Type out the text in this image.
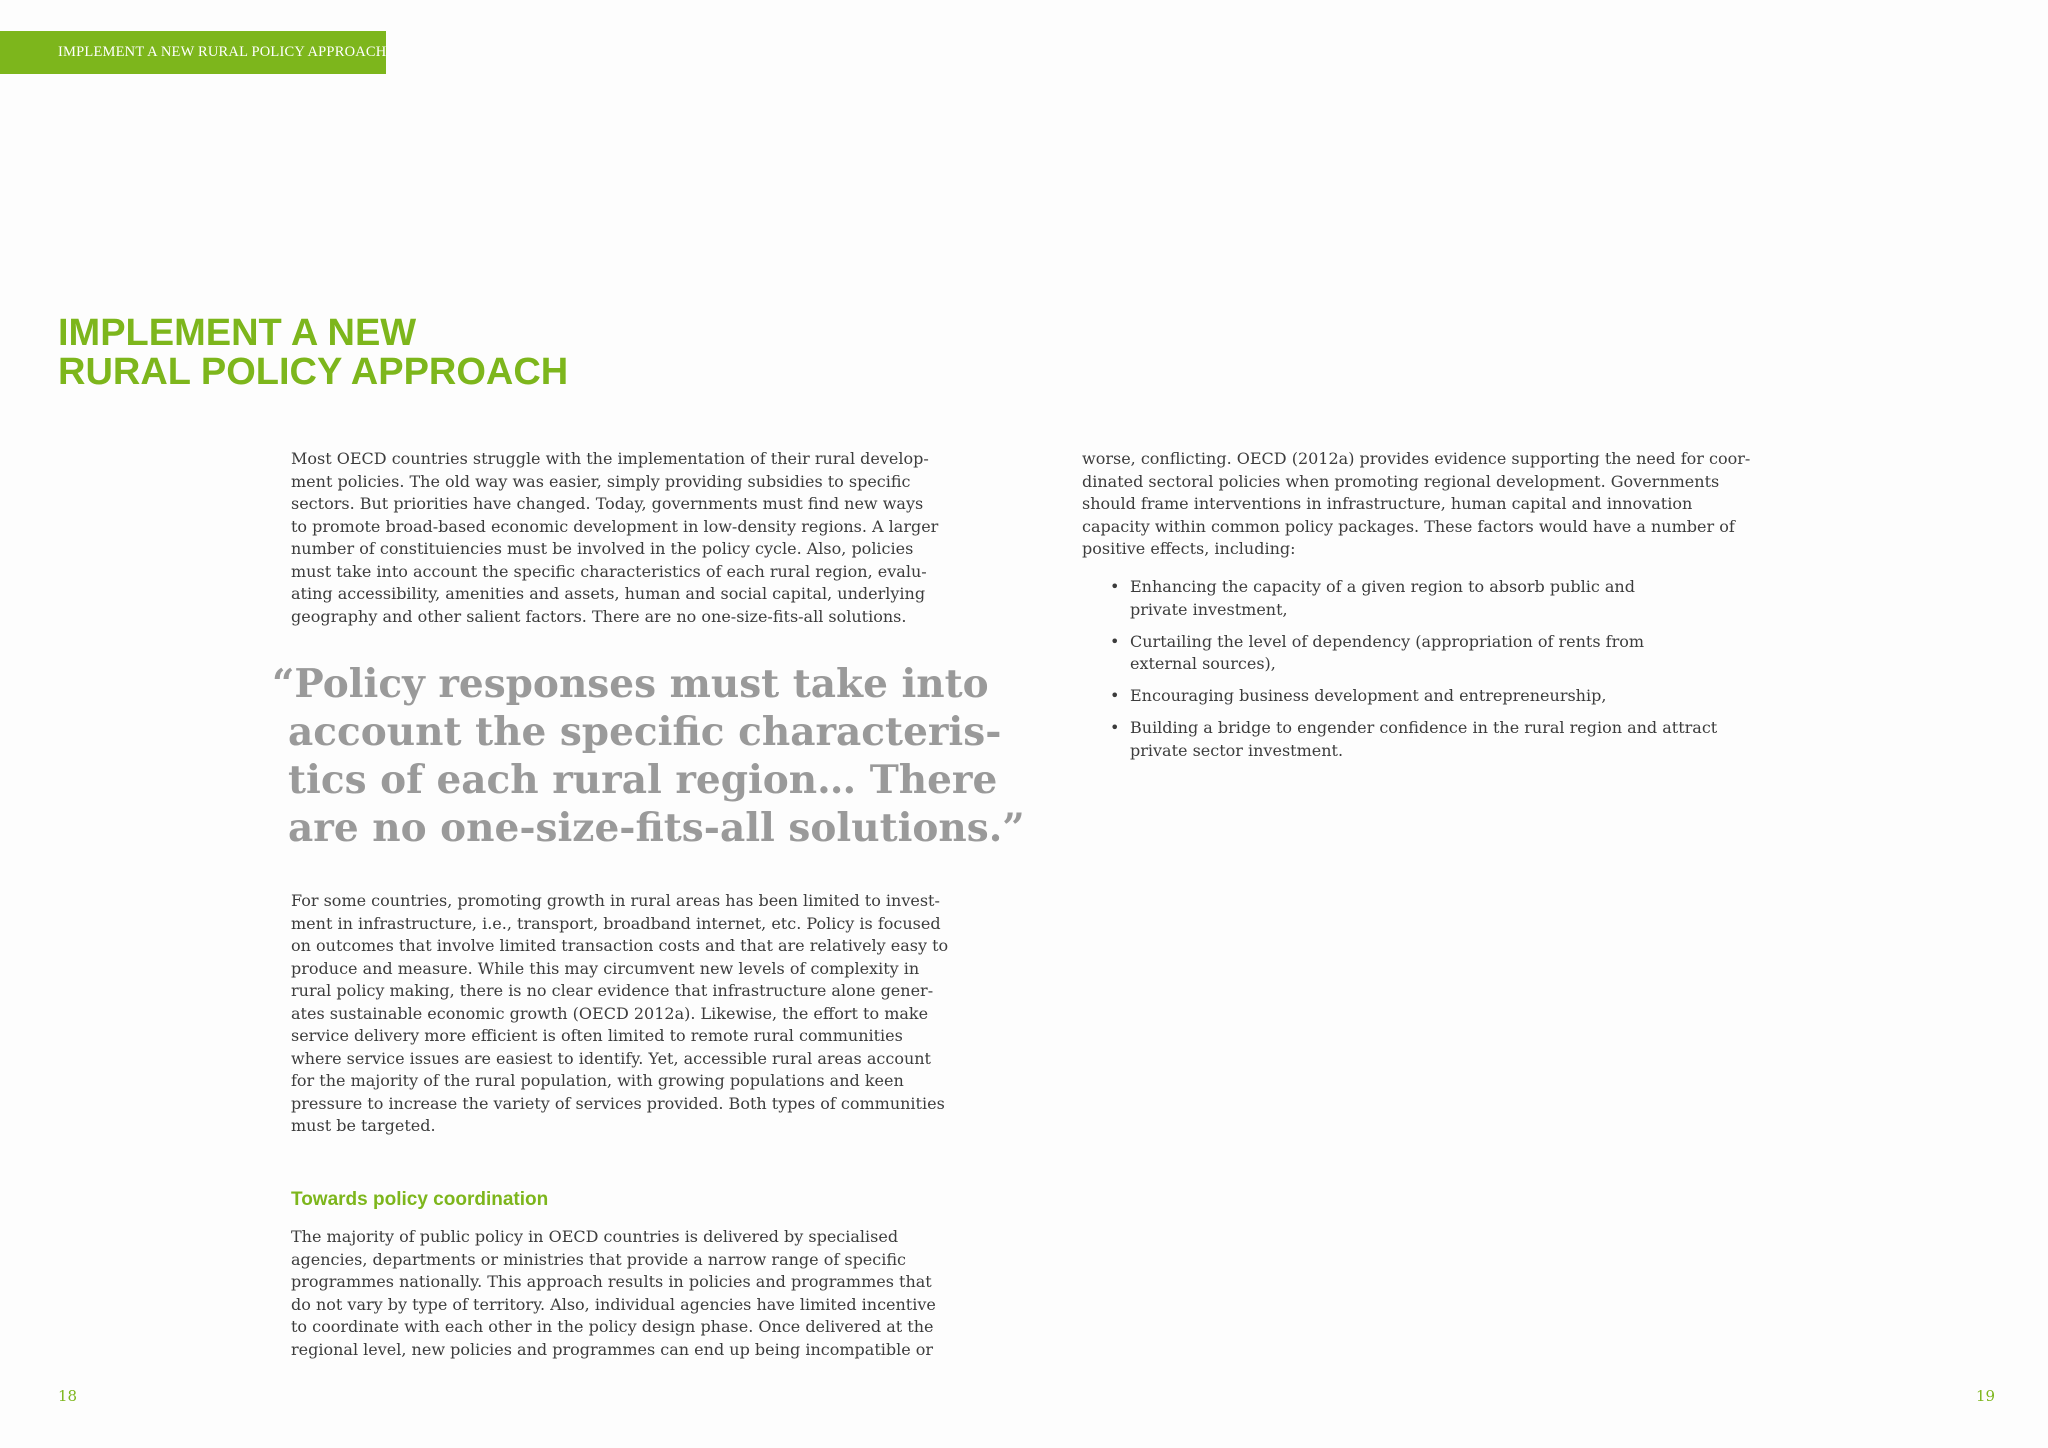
IMPLEMENT A NEW RURAL POLICY APPROACH
IMPLEMENT A NEW
RURAL POLICY APPROACH

Most OECD countries struggle with the implementation of their rural develop-
ment policies. The old way was easier, simply providing subsidies to specific
sectors. But priorities have changed. Today, governments must find new ways
to promote broad-based economic development in low-density regions. A larger
number of constituiencies must be involved in the policy cycle. Also, policies
must take into account the specific characteristics of each rural region, evalu-
ating accessibility, amenities and assets, human and social capital, underlying
geography and other salient factors. There are no one-size-fits-all solutions.

“Policy responses must take into
account the specific characteris-
tics of each rural region… There
are no one-size-fits-all solutions.”

For some countries, promoting growth in rural areas has been limited to invest-
ment in infrastructure, i.e., transport, broadband internet, etc. Policy is focused
on outcomes that involve limited transaction costs and that are relatively easy to
produce and measure. While this may circumvent new levels of complexity in
rural policy making, there is no clear evidence that infrastructure alone gener-
ates sustainable economic growth (OECD 2012a). Likewise, the effort to make
service delivery more efficient is often limited to remote rural communities
where service issues are easiest to identify. Yet, accessible rural areas account
for the majority of the rural population, with growing populations and keen
pressure to increase the variety of services provided. Both types of communities
must be targeted.

Towards policy coordination

The majority of public policy in OECD countries is delivered by specialised
agencies, departments or ministries that provide a narrow range of specific
programmes nationally. This approach results in policies and programmes that
do not vary by type of territory. Also, individual agencies have limited incentive
to coordinate with each other in the policy design phase. Once delivered at the
regional level, new policies and programmes can end up being incompatible or

worse, conflicting. OECD (2012a) provides evidence supporting the need for coor-
dinated sectoral policies when promoting regional development. Governments
should frame interventions in infrastructure, human capital and innovation
capacity within common policy packages. These factors would have a number of
positive effects, including:

• Enhancing the capacity of a given region to absorb public and
private investment,
• Curtailing the level of dependency (appropriation of rents from
external sources),
• Encouraging business development and entrepreneurship,
• Building a bridge to engender confidence in the rural region and attract
private sector investment.
18	19
